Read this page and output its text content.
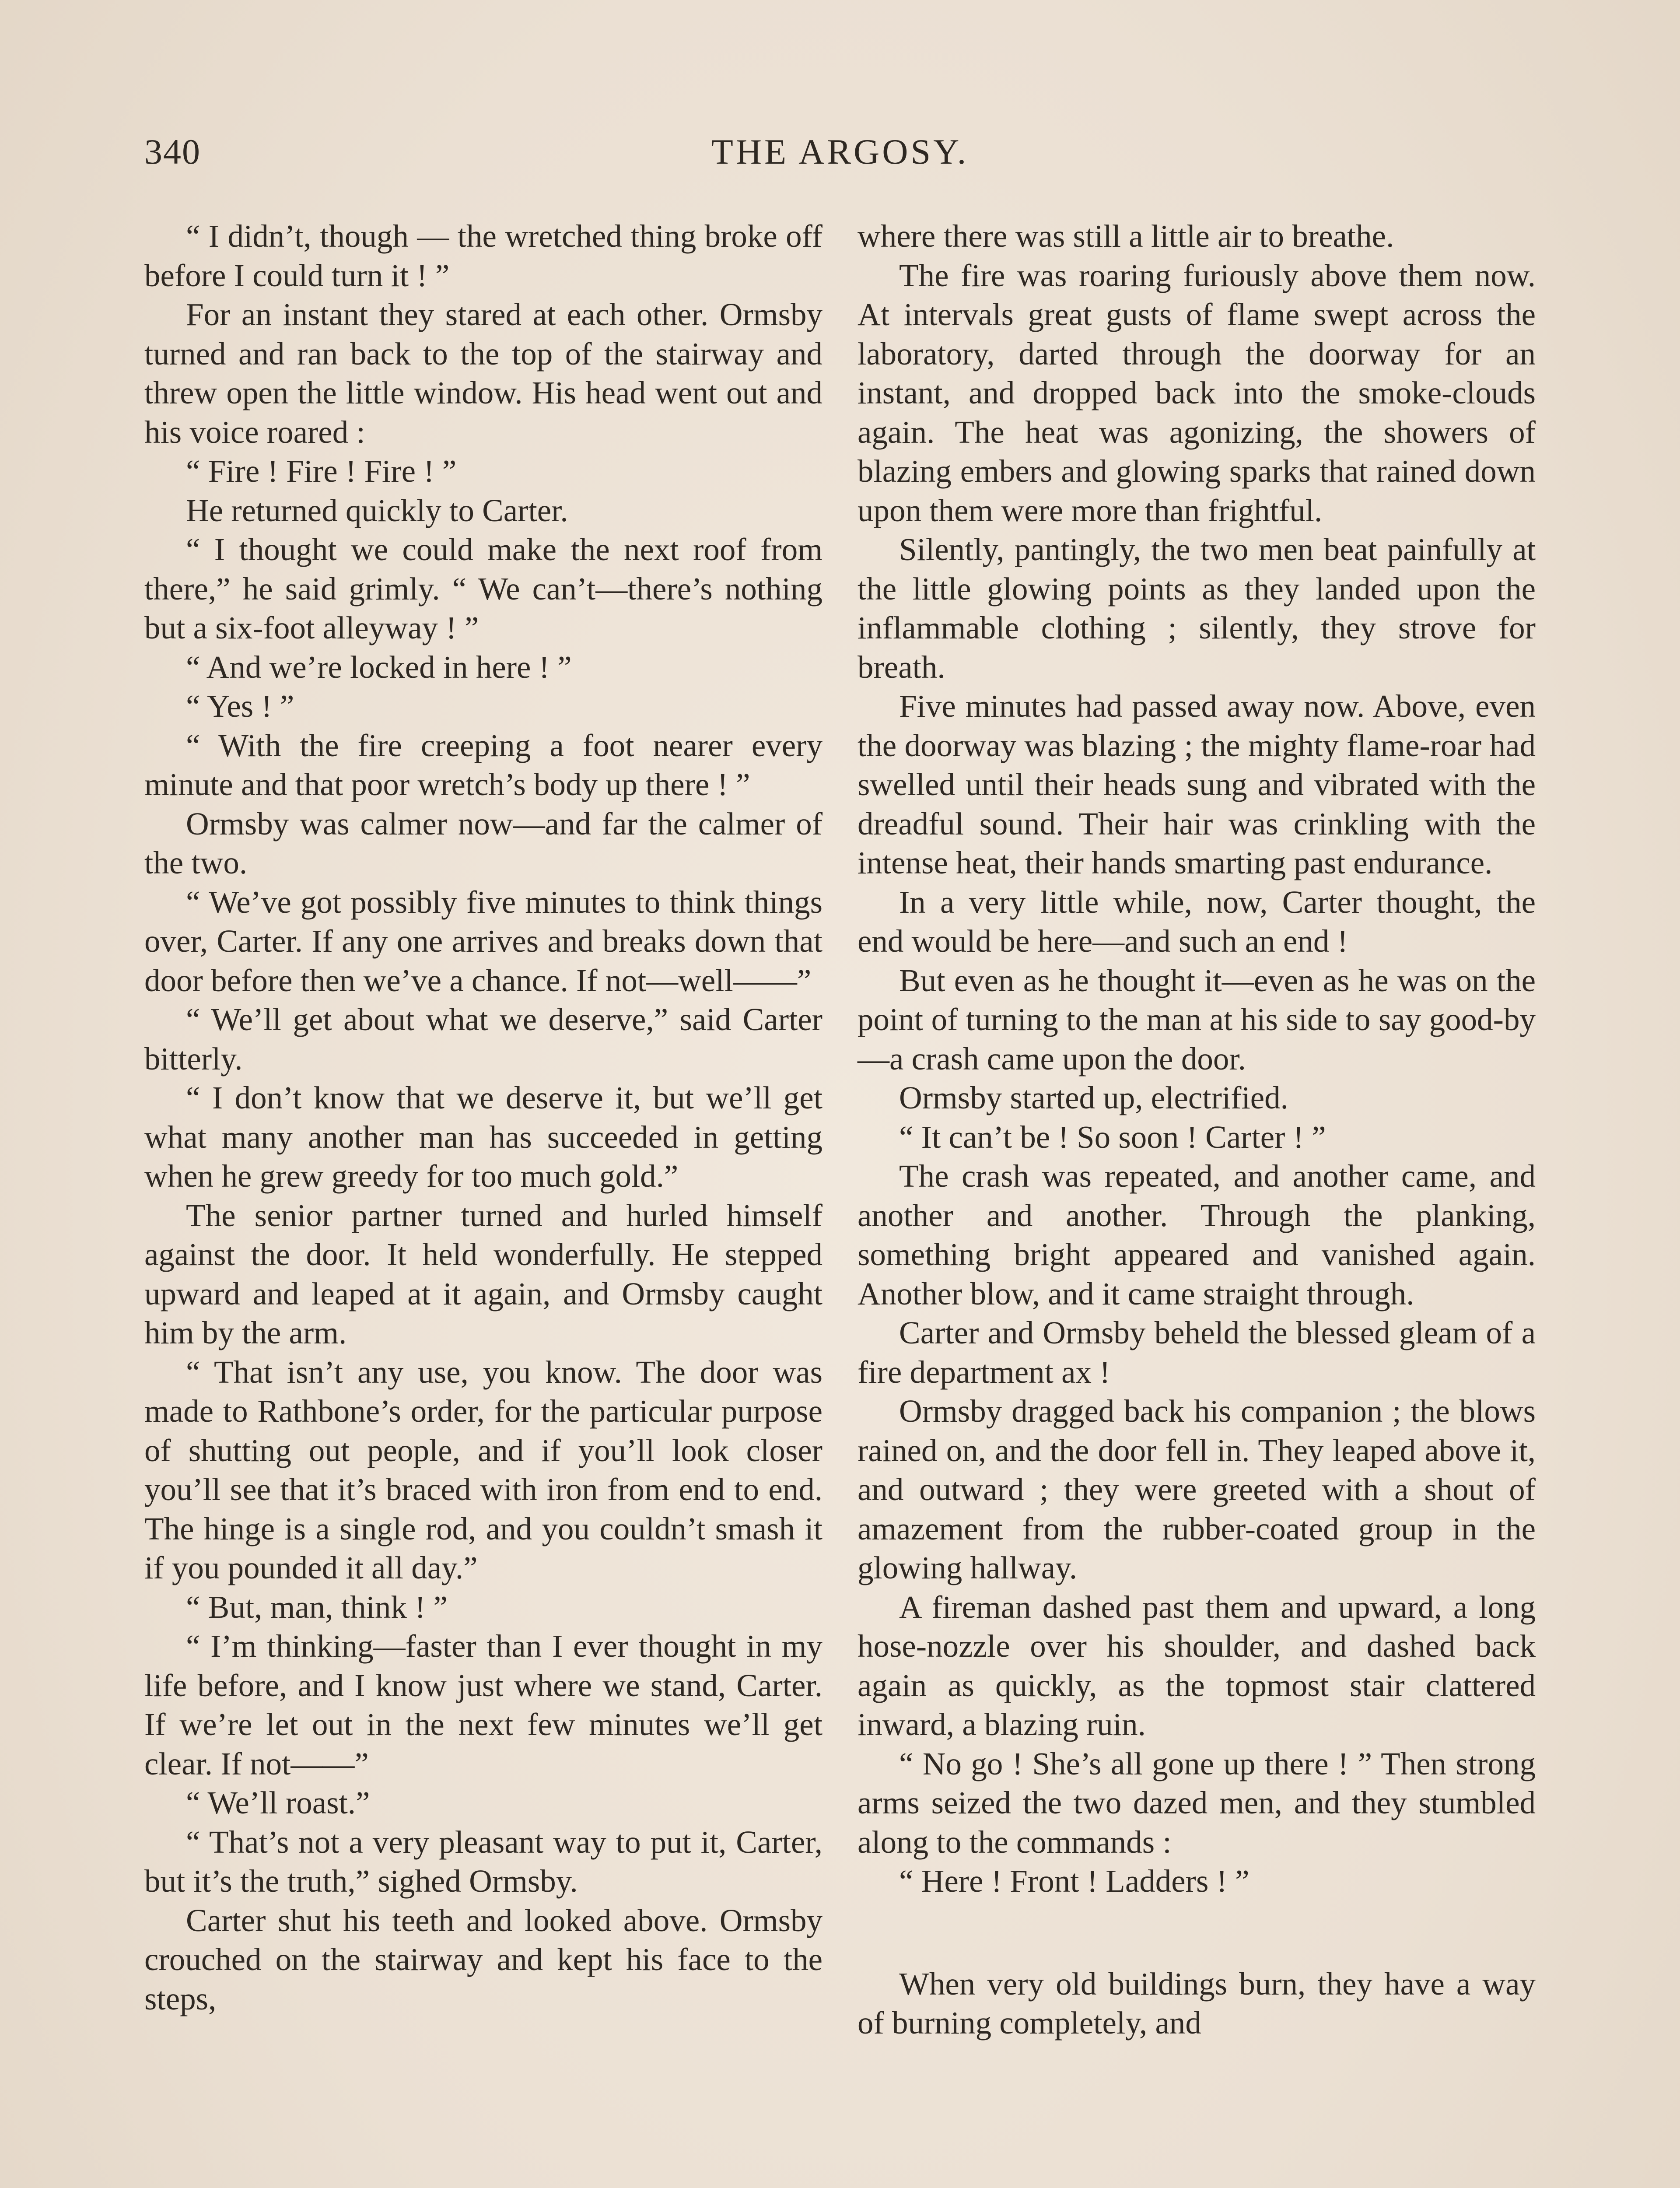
340	THE ARGOSY.

“ I didn’t, though — the wretched thing broke off before I could turn it ! ”

For an instant they stared at each other. Ormsby turned and ran back to the top of the stairway and threw open the little window. His head went out and his voice roared :

“ Fire ! Fire ! Fire ! ”

He returned quickly to Carter.

“ I thought we could make the next roof from there,” he said grimly. “ We can’t—there’s nothing but a six-foot alleyway ! ”

“ And we’re locked in here ! ”

“ Yes ! ”

“ With the fire creeping a foot nearer every minute and that poor wretch’s body up there ! ”

Ormsby was calmer now—and far the calmer of the two.

“ We’ve got possibly five minutes to think things over, Carter. If any one arrives and breaks down that door before then we’ve a chance. If not—well——”

“ We’ll get about what we deserve,” said Carter bitterly.

“ I don’t know that we deserve it, but we’ll get what many another man has succeeded in getting when he grew greedy for too much gold.”

The senior partner turned and hurled himself against the door. It held wonderfully. He stepped upward and leaped at it again, and Ormsby caught him by the arm.

“ That isn’t any use, you know. The door was made to Rathbone’s order, for the particular purpose of shutting out people, and if you’ll look closer you’ll see that it’s braced with iron from end to end. The hinge is a single rod, and you couldn’t smash it if you pounded it all day.”

“ But, man, think ! ”

“ I’m thinking—faster than I ever thought in my life before, and I know just where we stand, Carter. If we’re let out in the next few minutes we’ll get clear. If not——”

“ We’ll roast.”

“ That’s not a very pleasant way to put it, Carter, but it’s the truth,” sighed Ormsby.

Carter shut his teeth and looked above. Ormsby crouched on the stairway and kept his face to the steps,

where there was still a little air to breathe.

The fire was roaring furiously above them now. At intervals great gusts of flame swept across the laboratory, darted through the doorway for an instant, and dropped back into the smoke-clouds again. The heat was agonizing, the showers of blazing embers and glowing sparks that rained down upon them were more than frightful.

Silently, pantingly, the two men beat painfully at the little glowing points as they landed upon the inflammable clothing ; silently, they strove for breath.

Five minutes had passed away now. Above, even the doorway was blazing ; the mighty flame-roar had swelled until their heads sung and vibrated with the dreadful sound. Their hair was crinkling with the intense heat, their hands smarting past endurance.

In a very little while, now, Carter thought, the end would be here—and such an end !

But even as he thought it—even as he was on the point of turning to the man at his side to say good-by—a crash came upon the door.

Ormsby started up, electrified.

“ It can’t be ! So soon ! Carter ! ”

The crash was repeated, and another came, and another and another. Through the planking, something bright appeared and vanished again. Another blow, and it came straight through.

Carter and Ormsby beheld the blessed gleam of a fire department ax !

Ormsby dragged back his companion ; the blows rained on, and the door fell in. They leaped above it, and outward ; they were greeted with a shout of amazement from the rubber-coated group in the glowing hallway.

A fireman dashed past them and upward, a long hose-nozzle over his shoulder, and dashed back again as quickly, as the topmost stair clattered inward, a blazing ruin.

“ No go ! She’s all gone up there ! ” Then strong arms seized the two dazed men, and they stumbled along to the commands :

“ Here ! Front ! Ladders ! ”

When very old buildings burn, they have a way of burning completely, and
